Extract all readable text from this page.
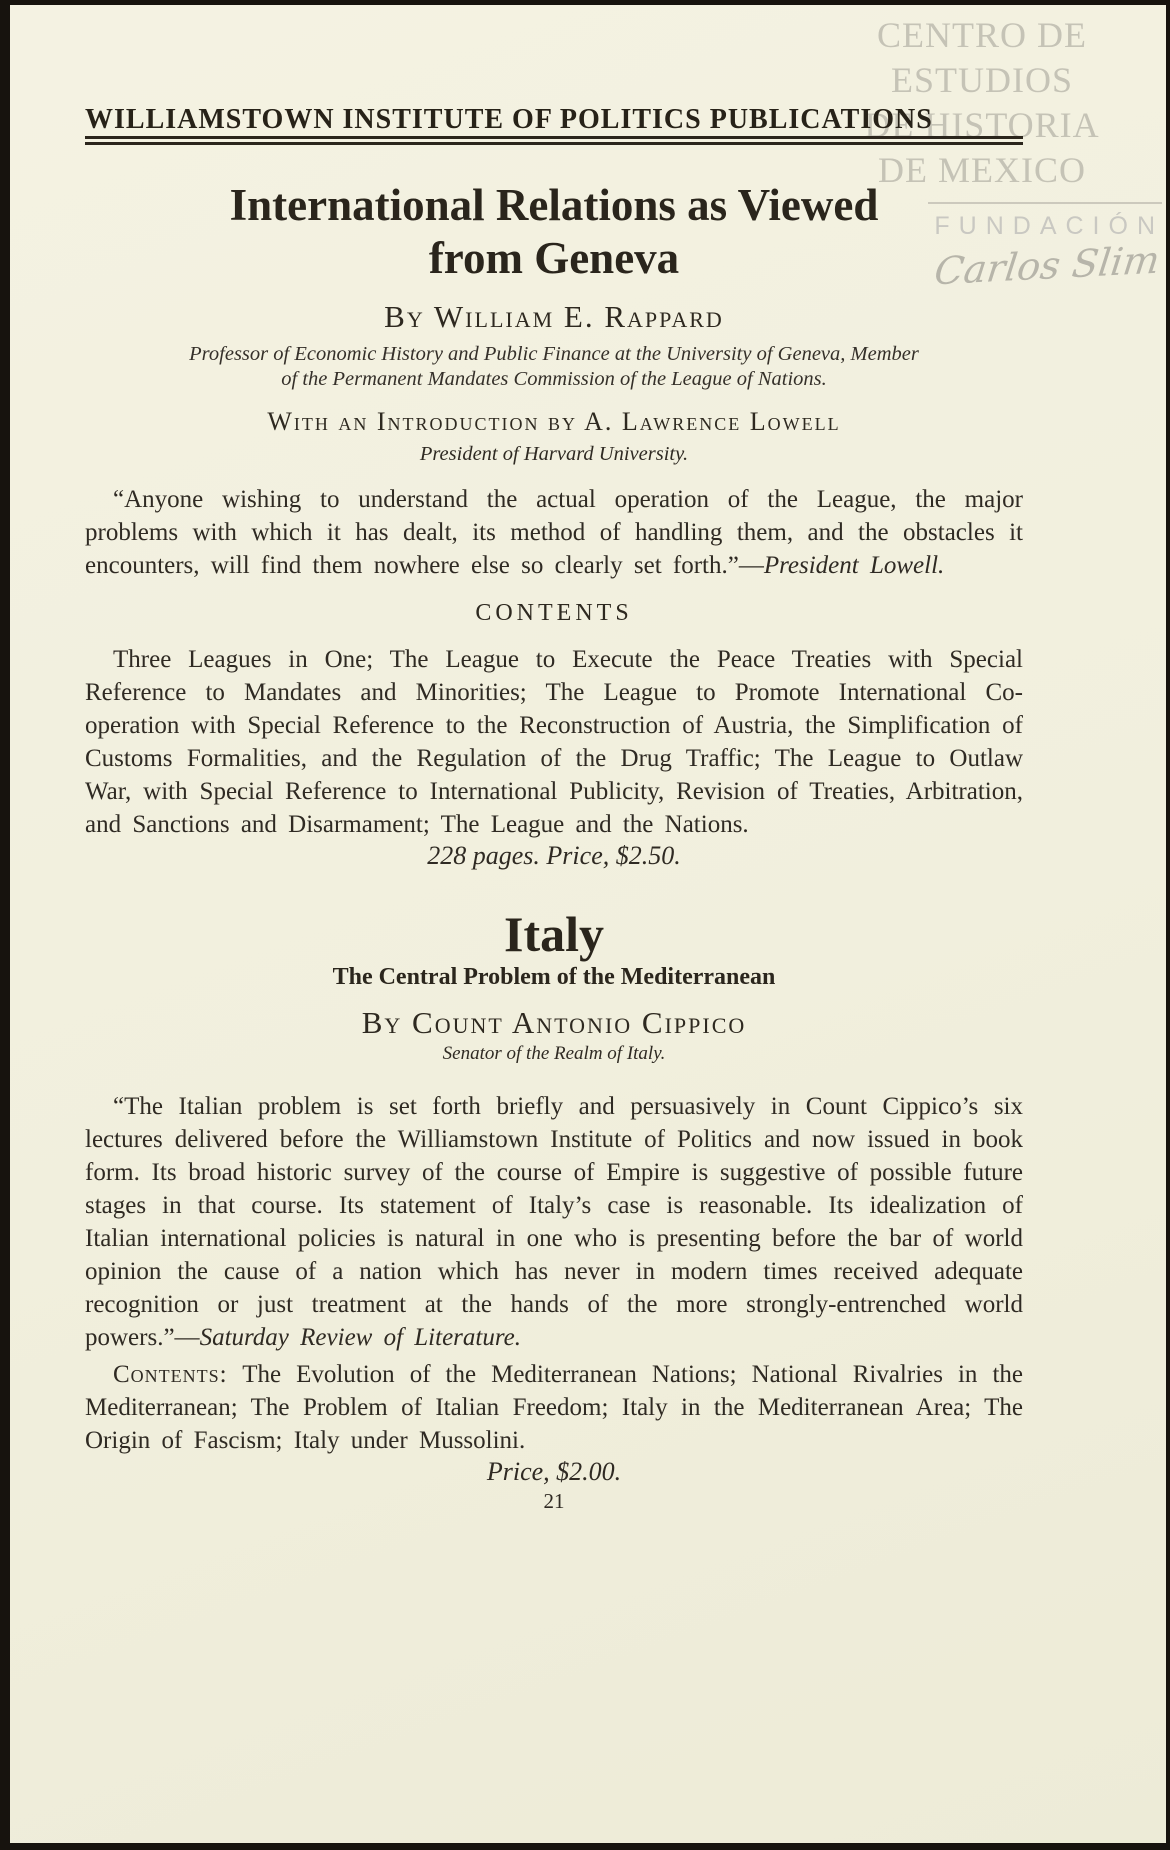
CENTRO DE
ESTUDIOS
DE HISTORIA
DE MEXICO
FUNDACIÓN
Carlos Slim
WILLIAMSTOWN INSTITUTE OF POLITICS PUBLICATIONS
International Relations as Viewed
from Geneva
By William E. Rappard
Professor of Economic History and Public Finance at the University of Geneva, Member
of the Permanent Mandates Commission of the League of Nations.
With an Introduction by A. Lawrence Lowell
President of Harvard University.

“Anyone wishing to understand the actual operation of the League, the major problems with which it has dealt, its method of handling them, and the obstacles it encounters, will find them nowhere else so clearly set forth.”—President Lowell.

CONTENTS

Three Leagues in One; The League to Execute the Peace Treaties with Special Reference to Mandates and Minorities; The League to Promote International Co-operation with Special Reference to the Reconstruction of Austria, the Simplification of Customs Formalities, and the Regulation of the Drug Traffic; The League to Outlaw War, with Special Reference to International Publicity, Revision of Treaties, Arbitration, and Sanctions and Disarmament; The League and the Nations.

228 pages. Price, $2.50.

Italy
The Central Problem of the Mediterranean
By Count Antonio Cippico
Senator of the Realm of Italy.

“The Italian problem is set forth briefly and persuasively in Count Cippico’s six lectures delivered before the Williamstown Institute of Politics and now issued in book form. Its broad historic survey of the course of Empire is suggestive of possible future stages in that course. Its statement of Italy’s case is reasonable. Its idealization of Italian international policies is natural in one who is presenting before the bar of world opinion the cause of a nation which has never in modern times received adequate recognition or just treatment at the hands of the more strongly-entrenched world powers.”—Saturday Review of Literature.

Contents: The Evolution of the Mediterranean Nations; National Rivalries in the Mediterranean; The Problem of Italian Freedom; Italy in the Mediterranean Area; The Origin of Fascism; Italy under Mussolini.

Price, $2.00.

21
